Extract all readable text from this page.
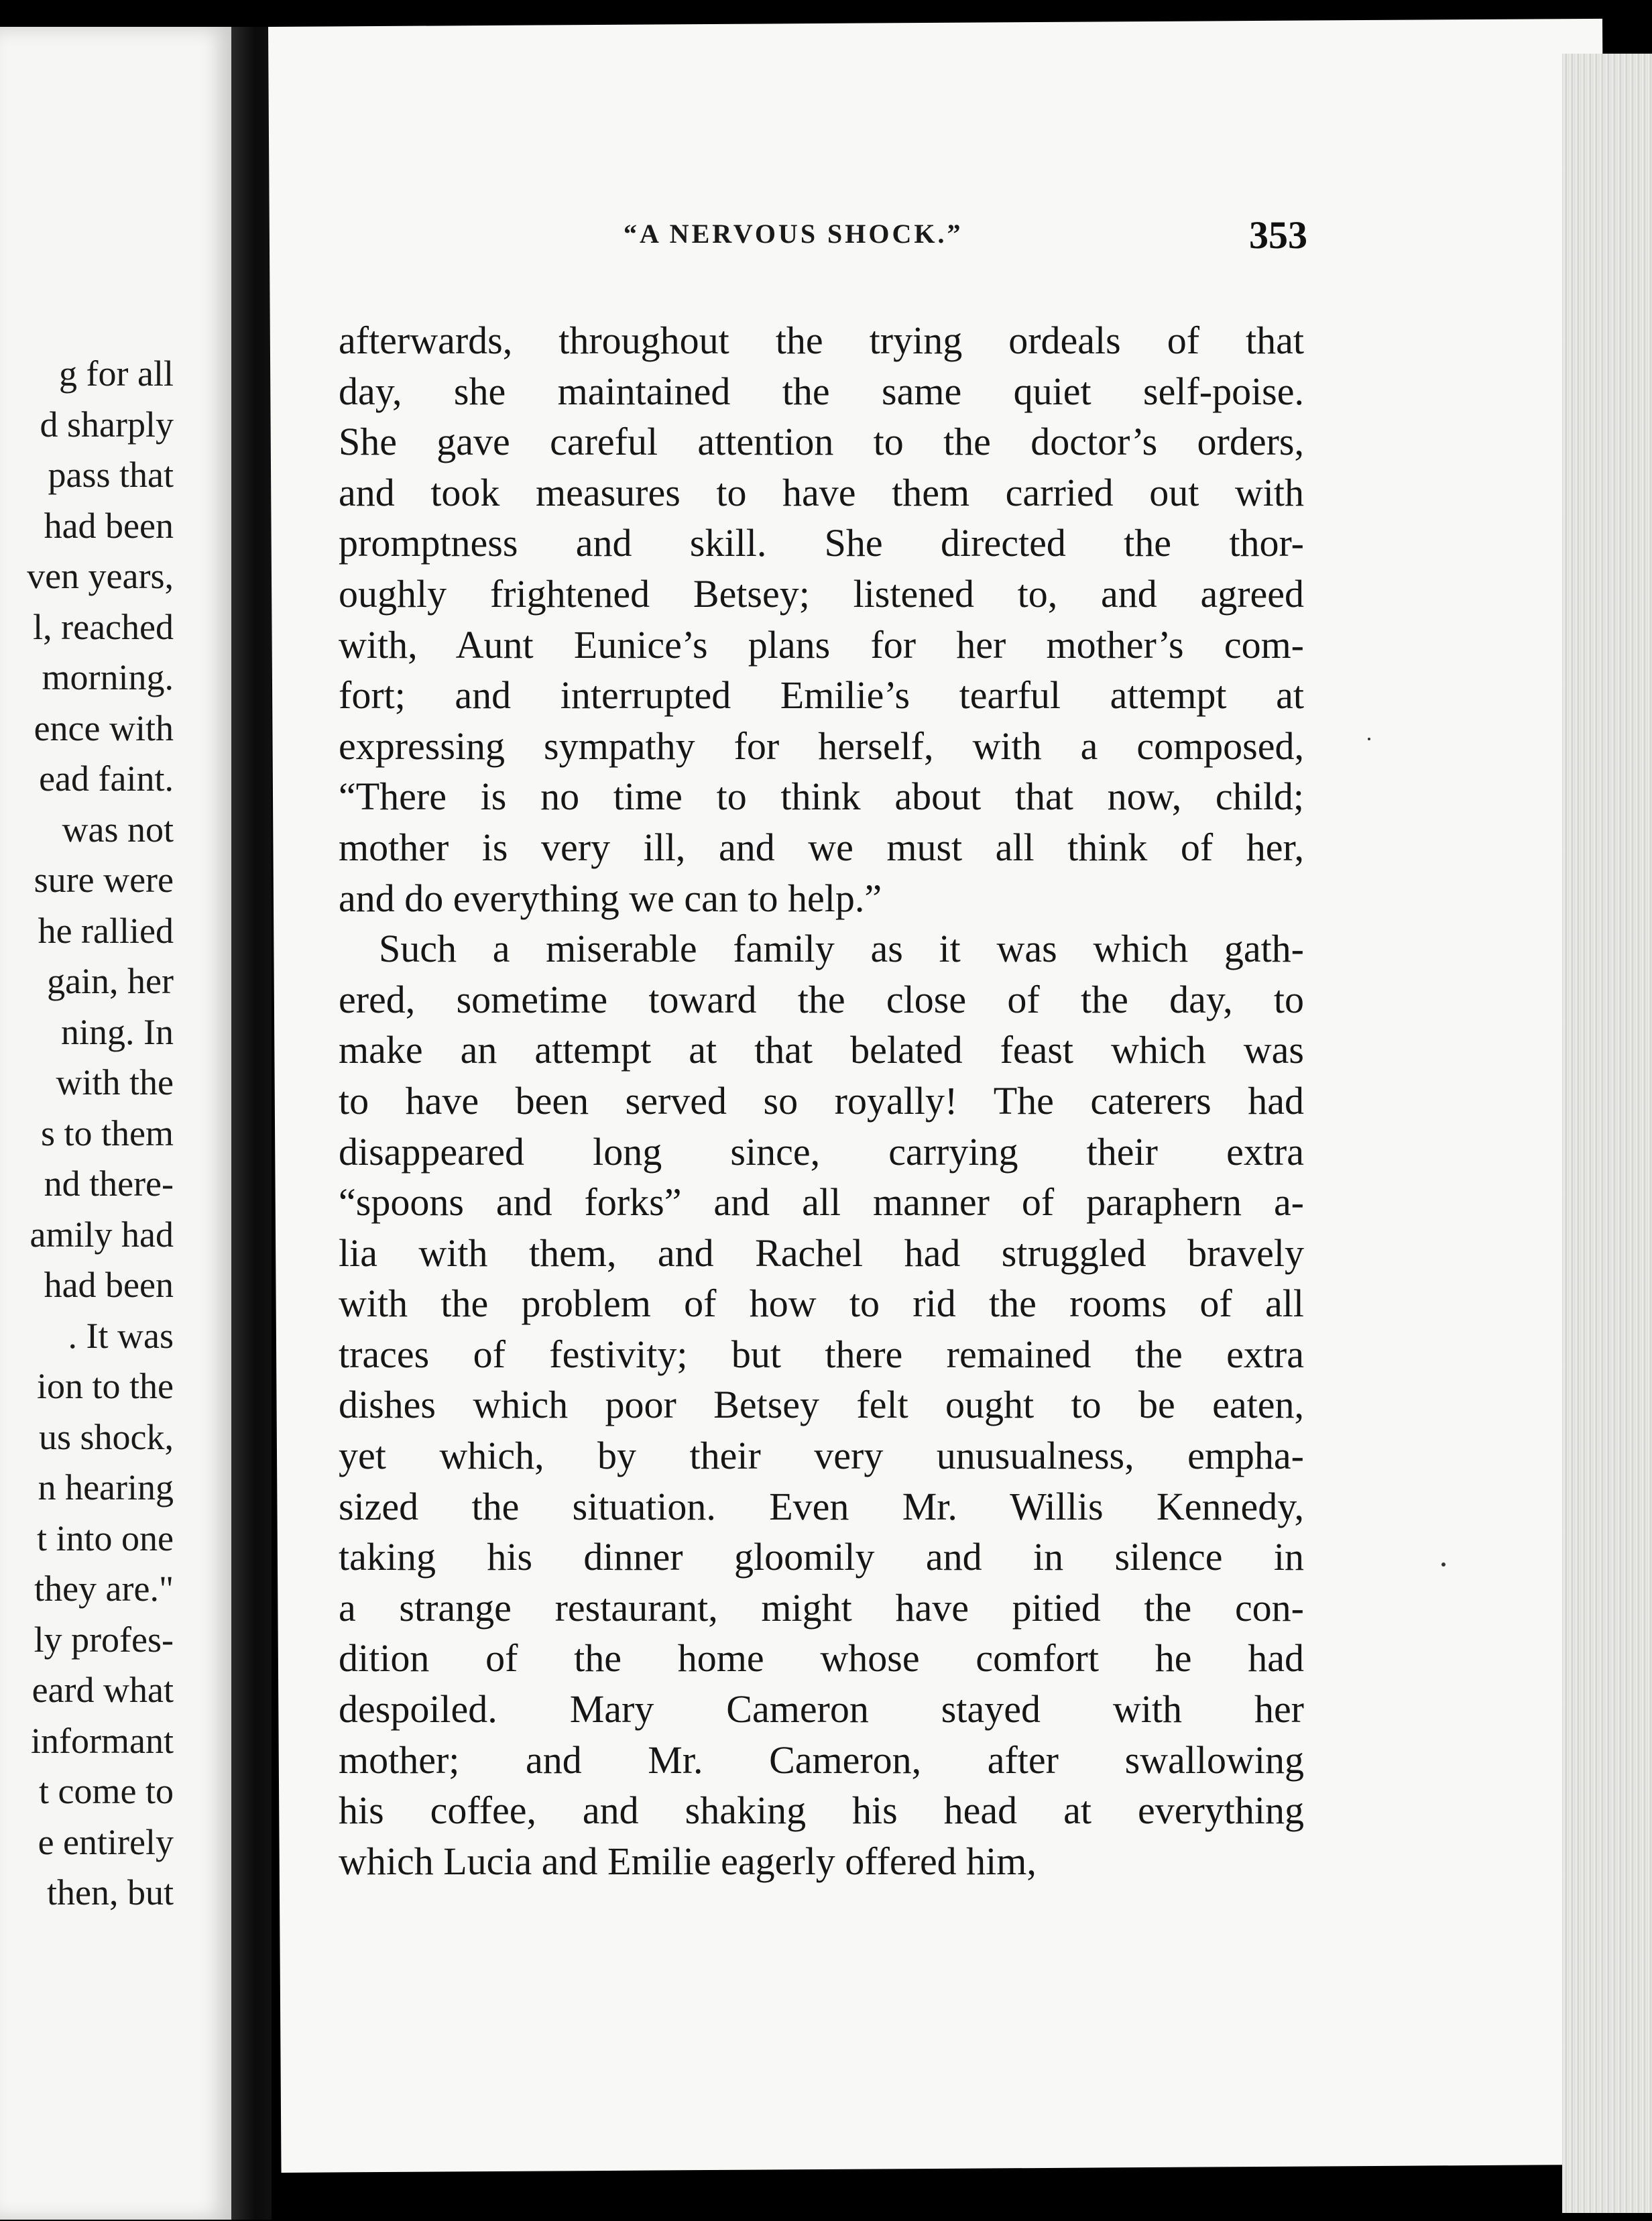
g for all
d sharply
pass that
had been
ven years,
l, reached
morning.
ence with
ead faint.
was not
sure were
he rallied
gain, her
ning. In
with the
s to them
nd there-
amily had
had been
. It was
ion to the
us shock,
n hearing
t into one
they are."
ly profes-
eard what
informant
t come to
e entirely
then, but
“A NERVOUS SHOCK.”	353
afterwards, throughout the trying ordeals of that
day, she maintained the same quiet self-poise.
She gave careful attention to the doctor’s orders,
and took measures to have them carried out with
promptness and skill. She directed the thor-
oughly frightened Betsey; listened to, and agreed
with, Aunt Eunice’s plans for her mother’s com-
fort; and interrupted Emilie’s tearful attempt at
expressing sympathy for herself, with a composed,
“There is no time to think about that now, child;
mother is very ill, and we must all think of her,
and do everything we can to help.”
Such a miserable family as it was which gath-
ered, sometime toward the close of the day, to
make an attempt at that belated feast which was
to have been served so royally! The caterers had
disappeared long since, carrying their extra
“spoons and forks” and all manner of paraphern a-
lia with them, and Rachel had struggled bravely
with the problem of how to rid the rooms of all
traces of festivity; but there remained the extra
dishes which poor Betsey felt ought to be eaten,
yet which, by their very unusualness, empha-
sized the situation. Even Mr. Willis Kennedy,
taking his dinner gloomily and in silence in
a strange restaurant, might have pitied the con-
dition of the home whose comfort he had
despoiled. Mary Cameron stayed with her
mother; and Mr. Cameron, after swallowing
his coffee, and shaking his head at everything
which Lucia and Emilie eagerly offered him,
